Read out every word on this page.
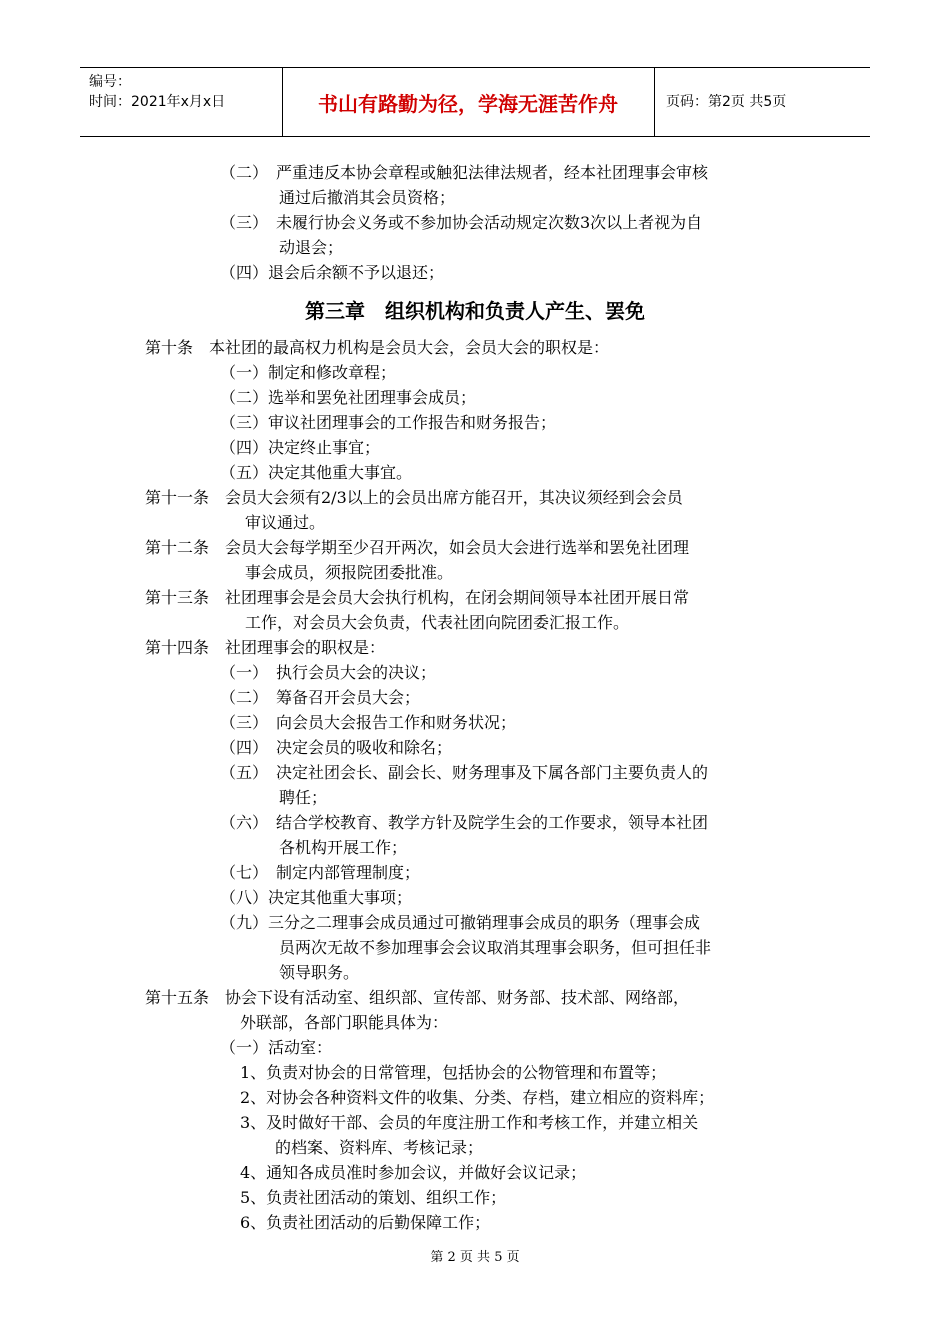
编号：
时间：2021年x月x日	书山有路勤为径，学海无涯苦作舟	页码：第2页 共5页
（二）　严重违反本协会章程或触犯法律法规者，经本社团理事会审核
通过后撤消其会员资格；
（三）　未履行协会义务或不参加协会活动规定次数3次以上者视为自
动退会；
（四）退会后余额不予以退还；
第三章　组织机构和负责人产生、罢免
第十条　本社团的最高权力机构是会员大会，会员大会的职权是：
（一）制定和修改章程；
（二）选举和罢免社团理事会成员；
（三）审议社团理事会的工作报告和财务报告；
（四）决定终止事宜；
（五）决定其他重大事宜。
第十一条　会员大会须有2/3以上的会员出席方能召开，其决议须经到会会员
审议通过。
第十二条　会员大会每学期至少召开两次，如会员大会进行选举和罢免社团理
事会成员，须报院团委批准。
第十三条　社团理事会是会员大会执行机构，在闭会期间领导本社团开展日常
工作，对会员大会负责，代表社团向院团委汇报工作。
第十四条　社团理事会的职权是：
（一）　执行会员大会的决议；
（二）　筹备召开会员大会；
（三）　向会员大会报告工作和财务状况；
（四）　决定会员的吸收和除名；
（五）　决定社团会长、副会长、财务理事及下属各部门主要负责人的
聘任；
（六）　结合学校教育、教学方针及院学生会的工作要求，领导本社团
各机构开展工作；
（七）　制定内部管理制度；
（八）决定其他重大事项；
（九）三分之二理事会成员通过可撤销理事会成员的职务（理事会成
员两次无故不参加理事会会议取消其理事会职务，但可担任非
领导职务。
第十五条　协会下设有活动室、组织部、宣传部、财务部、技术部、网络部，
外联部，各部门职能具体为：
（一）活动室：
1、负责对协会的日常管理，包括协会的公物管理和布置等；
2、对协会各种资料文件的收集、分类、存档，建立相应的资料库；
3、及时做好干部、会员的年度注册工作和考核工作，并建立相关
的档案、资料库、考核记录；
4、通知各成员准时参加会议，并做好会议记录；
5、负责社团活动的策划、组织工作；
6、负责社团活动的后勤保障工作；
第 2 页 共 5 页
